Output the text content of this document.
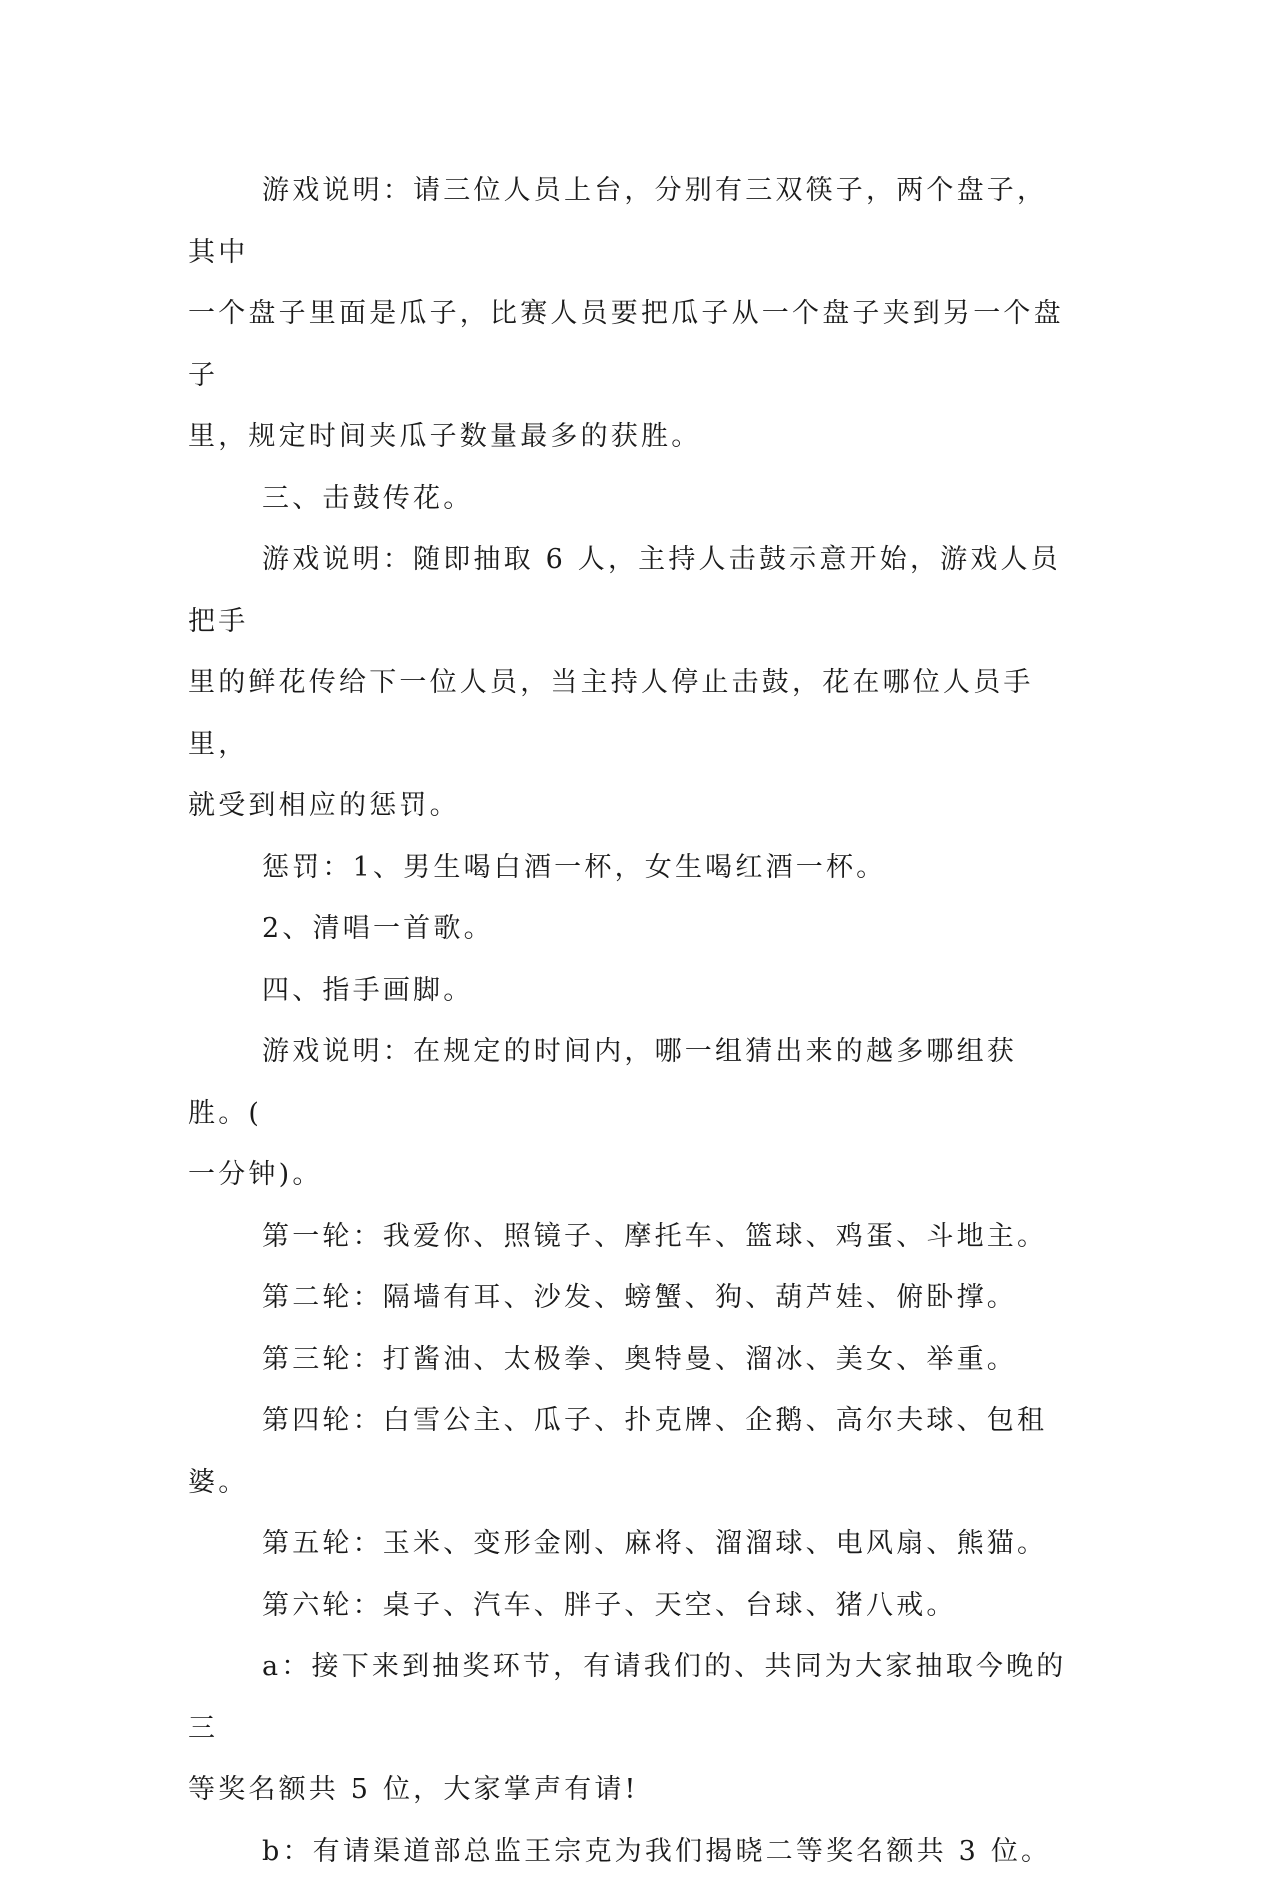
游戏说明：请三位人员上台，分别有三双筷子，两个盘子，其中
一个盘子里面是瓜子，比赛人员要把瓜子从一个盘子夹到另一个盘子
里，规定时间夹瓜子数量最多的获胜。

三、击鼓传花。

游戏说明：随即抽取 6 人，主持人击鼓示意开始，游戏人员把手
里的鲜花传给下一位人员，当主持人停止击鼓，花在哪位人员手里，
就受到相应的惩罚。

惩罚：1、男生喝白酒一杯，女生喝红酒一杯。

2、清唱一首歌。

四、指手画脚。

游戏说明：在规定的时间内，哪一组猜出来的越多哪组获胜。(
一分钟)。

第一轮：我爱你、照镜子、摩托车、篮球、鸡蛋、斗地主。

第二轮：隔墙有耳、沙发、螃蟹、狗、葫芦娃、俯卧撑。

第三轮：打酱油、太极拳、奥特曼、溜冰、美女、举重。

第四轮：白雪公主、瓜子、扑克牌、企鹅、高尔夫球、包租婆。

第五轮：玉米、变形金刚、麻将、溜溜球、电风扇、熊猫。

第六轮：桌子、汽车、胖子、天空、台球、猪八戒。

a：接下来到抽奖环节，有请我们的、共同为大家抽取今晚的三
等奖名额共 5 位，大家掌声有请!

b：有请渠道部总监王宗克为我们揭晓二等奖名额共 3 位。
